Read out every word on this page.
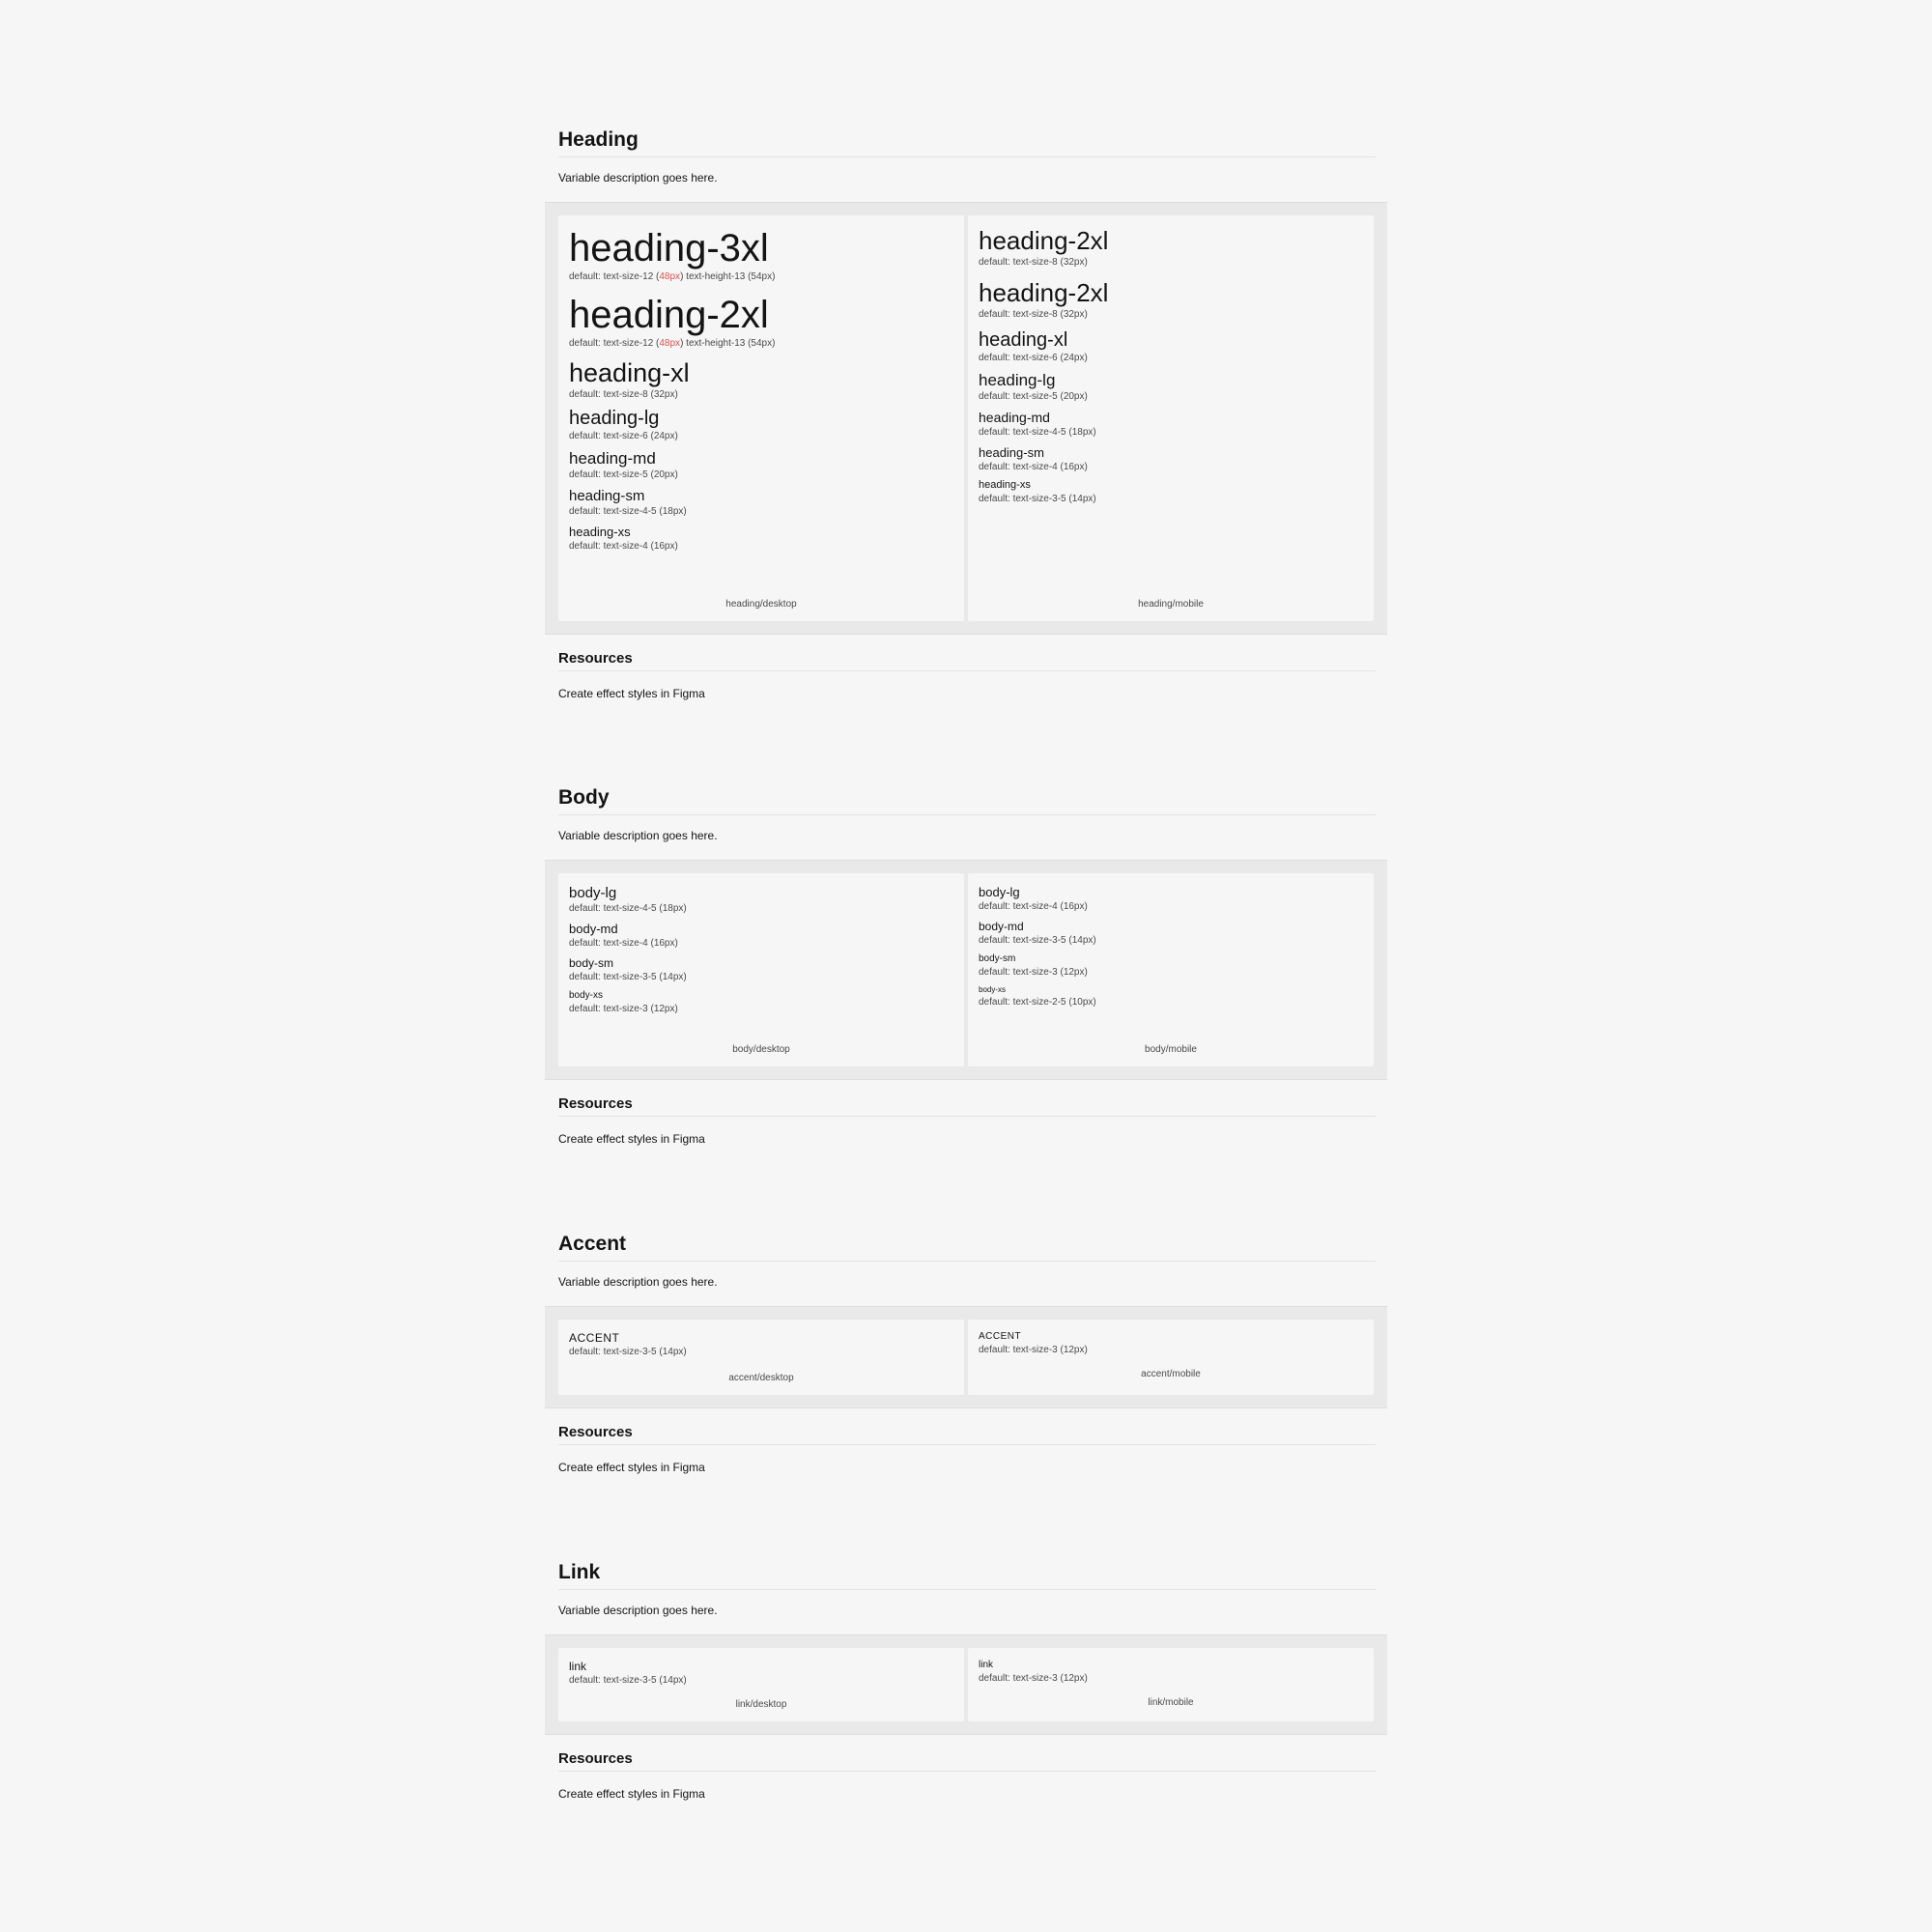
Heading
Variable description goes here.
heading-3xl
default: text-size-12 (48px) text-height-13 (54px)
heading-2xl
default: text-size-12 (48px) text-height-13 (54px)
heading-xl
default: text-size-8 (32px)
heading-lg
default: text-size-6 (24px)
heading-md
default: text-size-5 (20px)
heading-sm
default: text-size-4-5 (18px)
heading-xs
default: text-size-4 (16px)
heading/desktop
heading-2xl
default: text-size-8 (32px)
heading-2xl
default: text-size-8 (32px)
heading-xl
default: text-size-6 (24px)
heading-lg
default: text-size-5 (20px)
heading-md
default: text-size-4-5 (18px)
heading-sm
default: text-size-4 (16px)
heading-xs
default: text-size-3-5 (14px)
heading/mobile
Resources
Create effect styles in Figma
Body
Variable description goes here.
body-lg
default: text-size-4-5 (18px)
body-md
default: text-size-4 (16px)
body-sm
default: text-size-3-5 (14px)
body-xs
default: text-size-3 (12px)
body/desktop
body-lg
default: text-size-4 (16px)
body-md
default: text-size-3-5 (14px)
body-sm
default: text-size-3 (12px)
body-xs
default: text-size-2-5 (10px)
body/mobile
Resources
Create effect styles in Figma
Accent
Variable description goes here.
ACCENT
default: text-size-3-5 (14px)
accent/desktop
ACCENT
default: text-size-3 (12px)
accent/mobile
Resources
Create effect styles in Figma
Link
Variable description goes here.
link
default: text-size-3-5 (14px)
link/desktop
link
default: text-size-3 (12px)
link/mobile
Resources
Create effect styles in Figma
